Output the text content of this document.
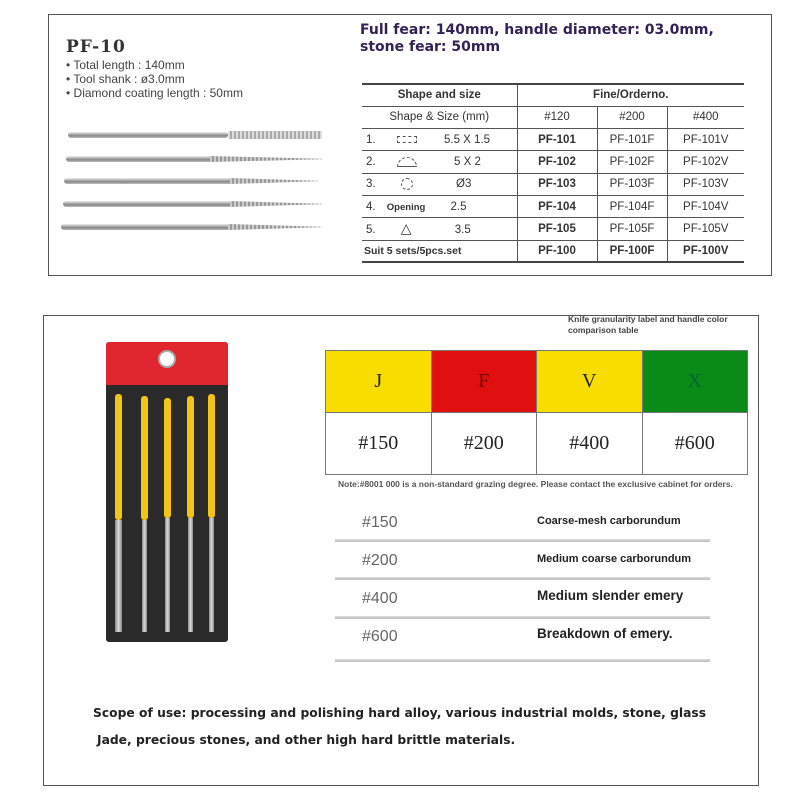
PF-10
• Total length : 140mm
• Tool shank : ø3.0mm
• Diamond coating length : 50mm
Full fear: 140mm, handle diameter: 03.0mm, stone fear: 50mm
Shape and size	Fine/Orderno.		
Shape & Size (mm)	#120	#200	#400
1. 5.5 X 1.5	PF-101	PF-101F	PF-101V
2. 5 X 2	PF-102	PF-102F	PF-102V
3. Ø3	PF-103	PF-103F	PF-103V
4. Opening 2.5	PF-104	PF-104F	PF-104V
5. △ 3.5	PF-105	PF-105F	PF-105V
Suit 5 sets/5pcs.set	PF-100	PF-100F	PF-100V
Knife granularity label and handle color comparison table
J	F	V	X
#150	#200	#400	#600
Note:#8001 000 is a non-standard grazing degree. Please contact the exclusive cabinet for orders.
#150	Coarse-mesh carborundum
#200	Medium coarse carborundum
#400	Medium slender emery
#600	Breakdown of emery.
Scope of use: processing and polishing hard alloy, various industrial molds, stone, glass
Jade, precious stones, and other high hard brittle materials.
